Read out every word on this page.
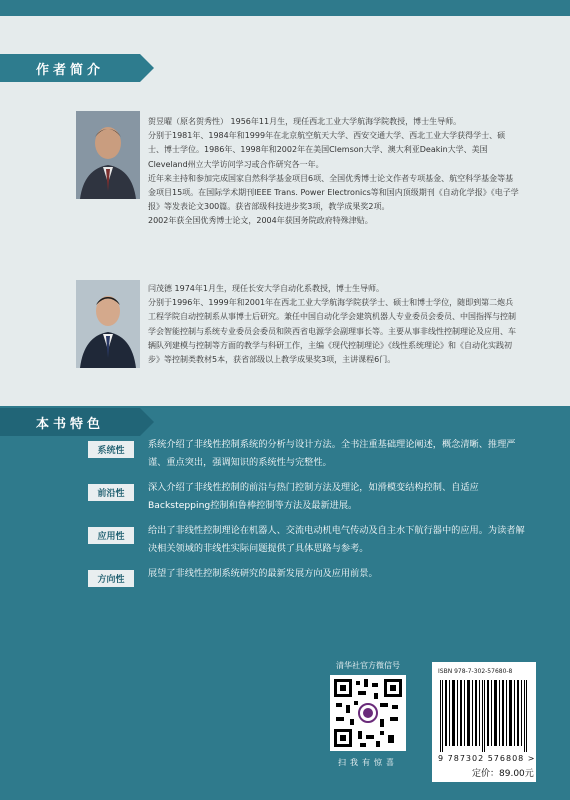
作者简介

贺昱曜（原名贺秀性） 1956年11月生，现任西北工业大学航海学院教授，博士生导师。

分别于1981年、1984年和1999年在北京航空航天大学、西安交通大学、西北工业大学获得学士、硕士、博士学位。1986年、1998年和2002年在美国Clemson大学、澳大利亚Deakin大学、美国Cleveland州立大学访问学习或合作研究各一年。

近年来主持和参加完成国家自然科学基金项目6项、全国优秀博士论文作者专项基金、航空科学基金等基金项目15项。在国际学术期刊IEEE Trans. Power Electronics等和国内顶级期刊《自动化学报》《电子学报》等发表论文300篇。获省部级科技进步奖3项，教学成果奖2项。

2002年获全国优秀博士论文，2004年获国务院政府特殊津贴。

闫茂德 1974年1月生，现任长安大学自动化系教授，博士生导师。

分别于1996年、1999年和2001年在西北工业大学航海学院获学士、硕士和博士学位，随即到第二炮兵工程学院自动控制系从事博士后研究。兼任中国自动化学会建筑机器人专业委员会委员、中国指挥与控制学会智能控制与系统专业委员会委员和陕西省电源学会副理事长等。主要从事非线性控制理论及应用、车辆队列建模与控制等方面的教学与科研工作，主编《现代控制理论》《线性系统理论》和《自动化实践初步》等控制类教材5本，获省部级以上教学成果奖3项，主讲课程6门。

本书特色
系统性
系统介绍了非线性控制系统的分析与设计方法。全书注重基础理论阐述，概念清晰、推理严谨、重点突出，强调知识的系统性与完整性。
前沿性
深入介绍了非线性控制的前沿与热门控制方法及理论，如滑模变结构控制、自适应Backstepping控制和鲁棒控制等方法及最新进展。
应用性
给出了非线性控制理论在机器人、交流电动机电气传动及自主水下航行器中的应用。为读者解决相关领域的非线性实际问题提供了具体思路与参考。
方向性
展望了非线性控制系统研究的最新发展方向及应用前景。
清华社官方微信号
扫我有惊喜
ISBN 978-7-302-57680-8
9 787302 576808 >
定价：89.00元
